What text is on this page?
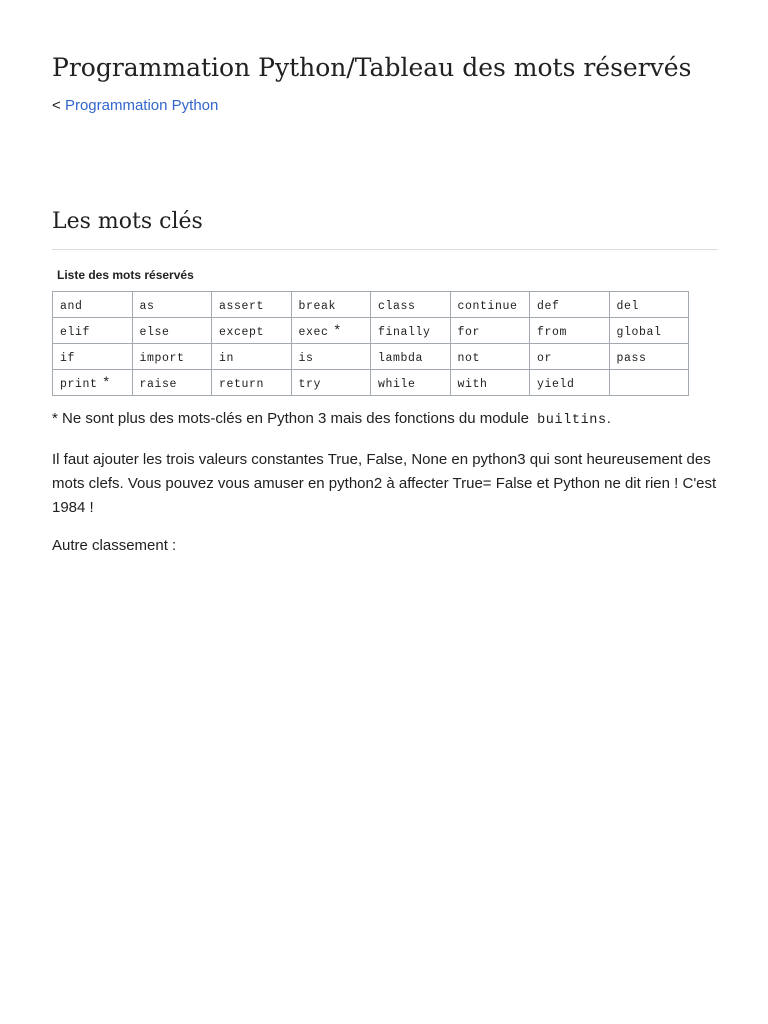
Programmation Python/Tableau des mots réservés
< Programmation Python
Les mots clés
Liste des mots réservés
and	as	assert	break	class	continue	def	del
elif	else	except	exec *	finally	for	from	global
if	import	in	is	lambda	not	or	pass
print *	raise	return	try	while	with	yield	
* Ne sont plus des mots-clés en Python 3 mais des fonctions du module builtins.

Il faut ajouter les trois valeurs constantes True, False, None en python3 qui sont heureusement des mots clefs. Vous pouvez vous amuser en python2 à affecter True= False et Python ne dit rien ! C'est 1984 !

Autre classement :
